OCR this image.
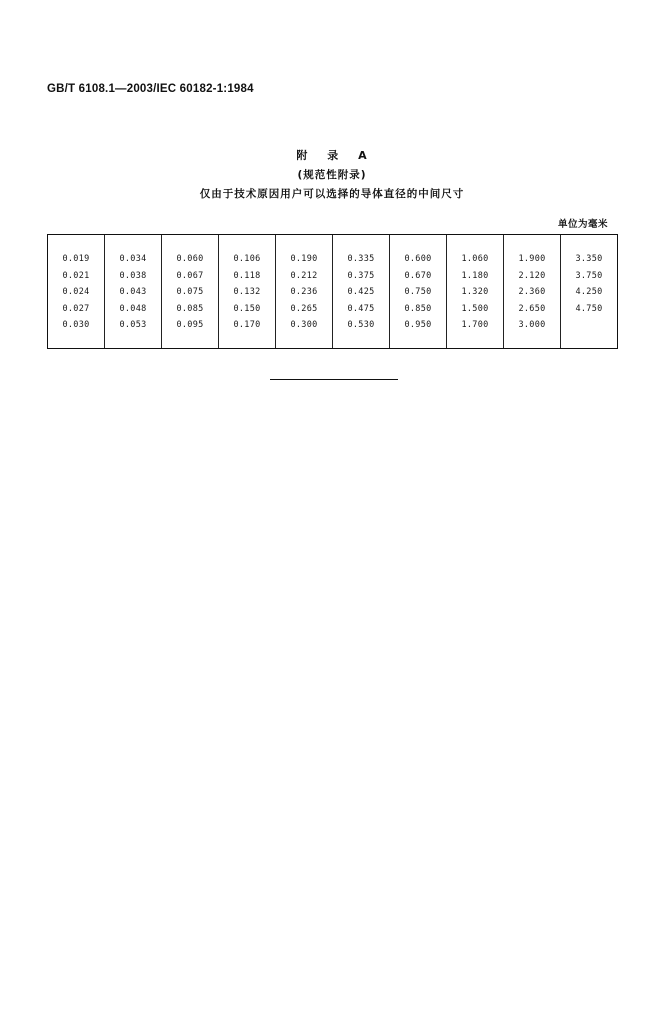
GB/T 6108.1—2003/IEC 60182-1:1984
附 录 A
(规范性附录)
仅由于技术原因用户可以选择的导体直径的中间尺寸
单位为毫米
0.019
0.021
0.024
0.027
0.030
0.034
0.038
0.043
0.048
0.053
0.060
0.067
0.075
0.085
0.095
0.106
0.118
0.132
0.150
0.170
0.190
0.212
0.236
0.265
0.300
0.335
0.375
0.425
0.475
0.530
0.600
0.670
0.750
0.850
0.950
1.060
1.180
1.320
1.500
1.700
1.900
2.120
2.360
2.650
3.000
3.350
3.750
4.250
4.750
